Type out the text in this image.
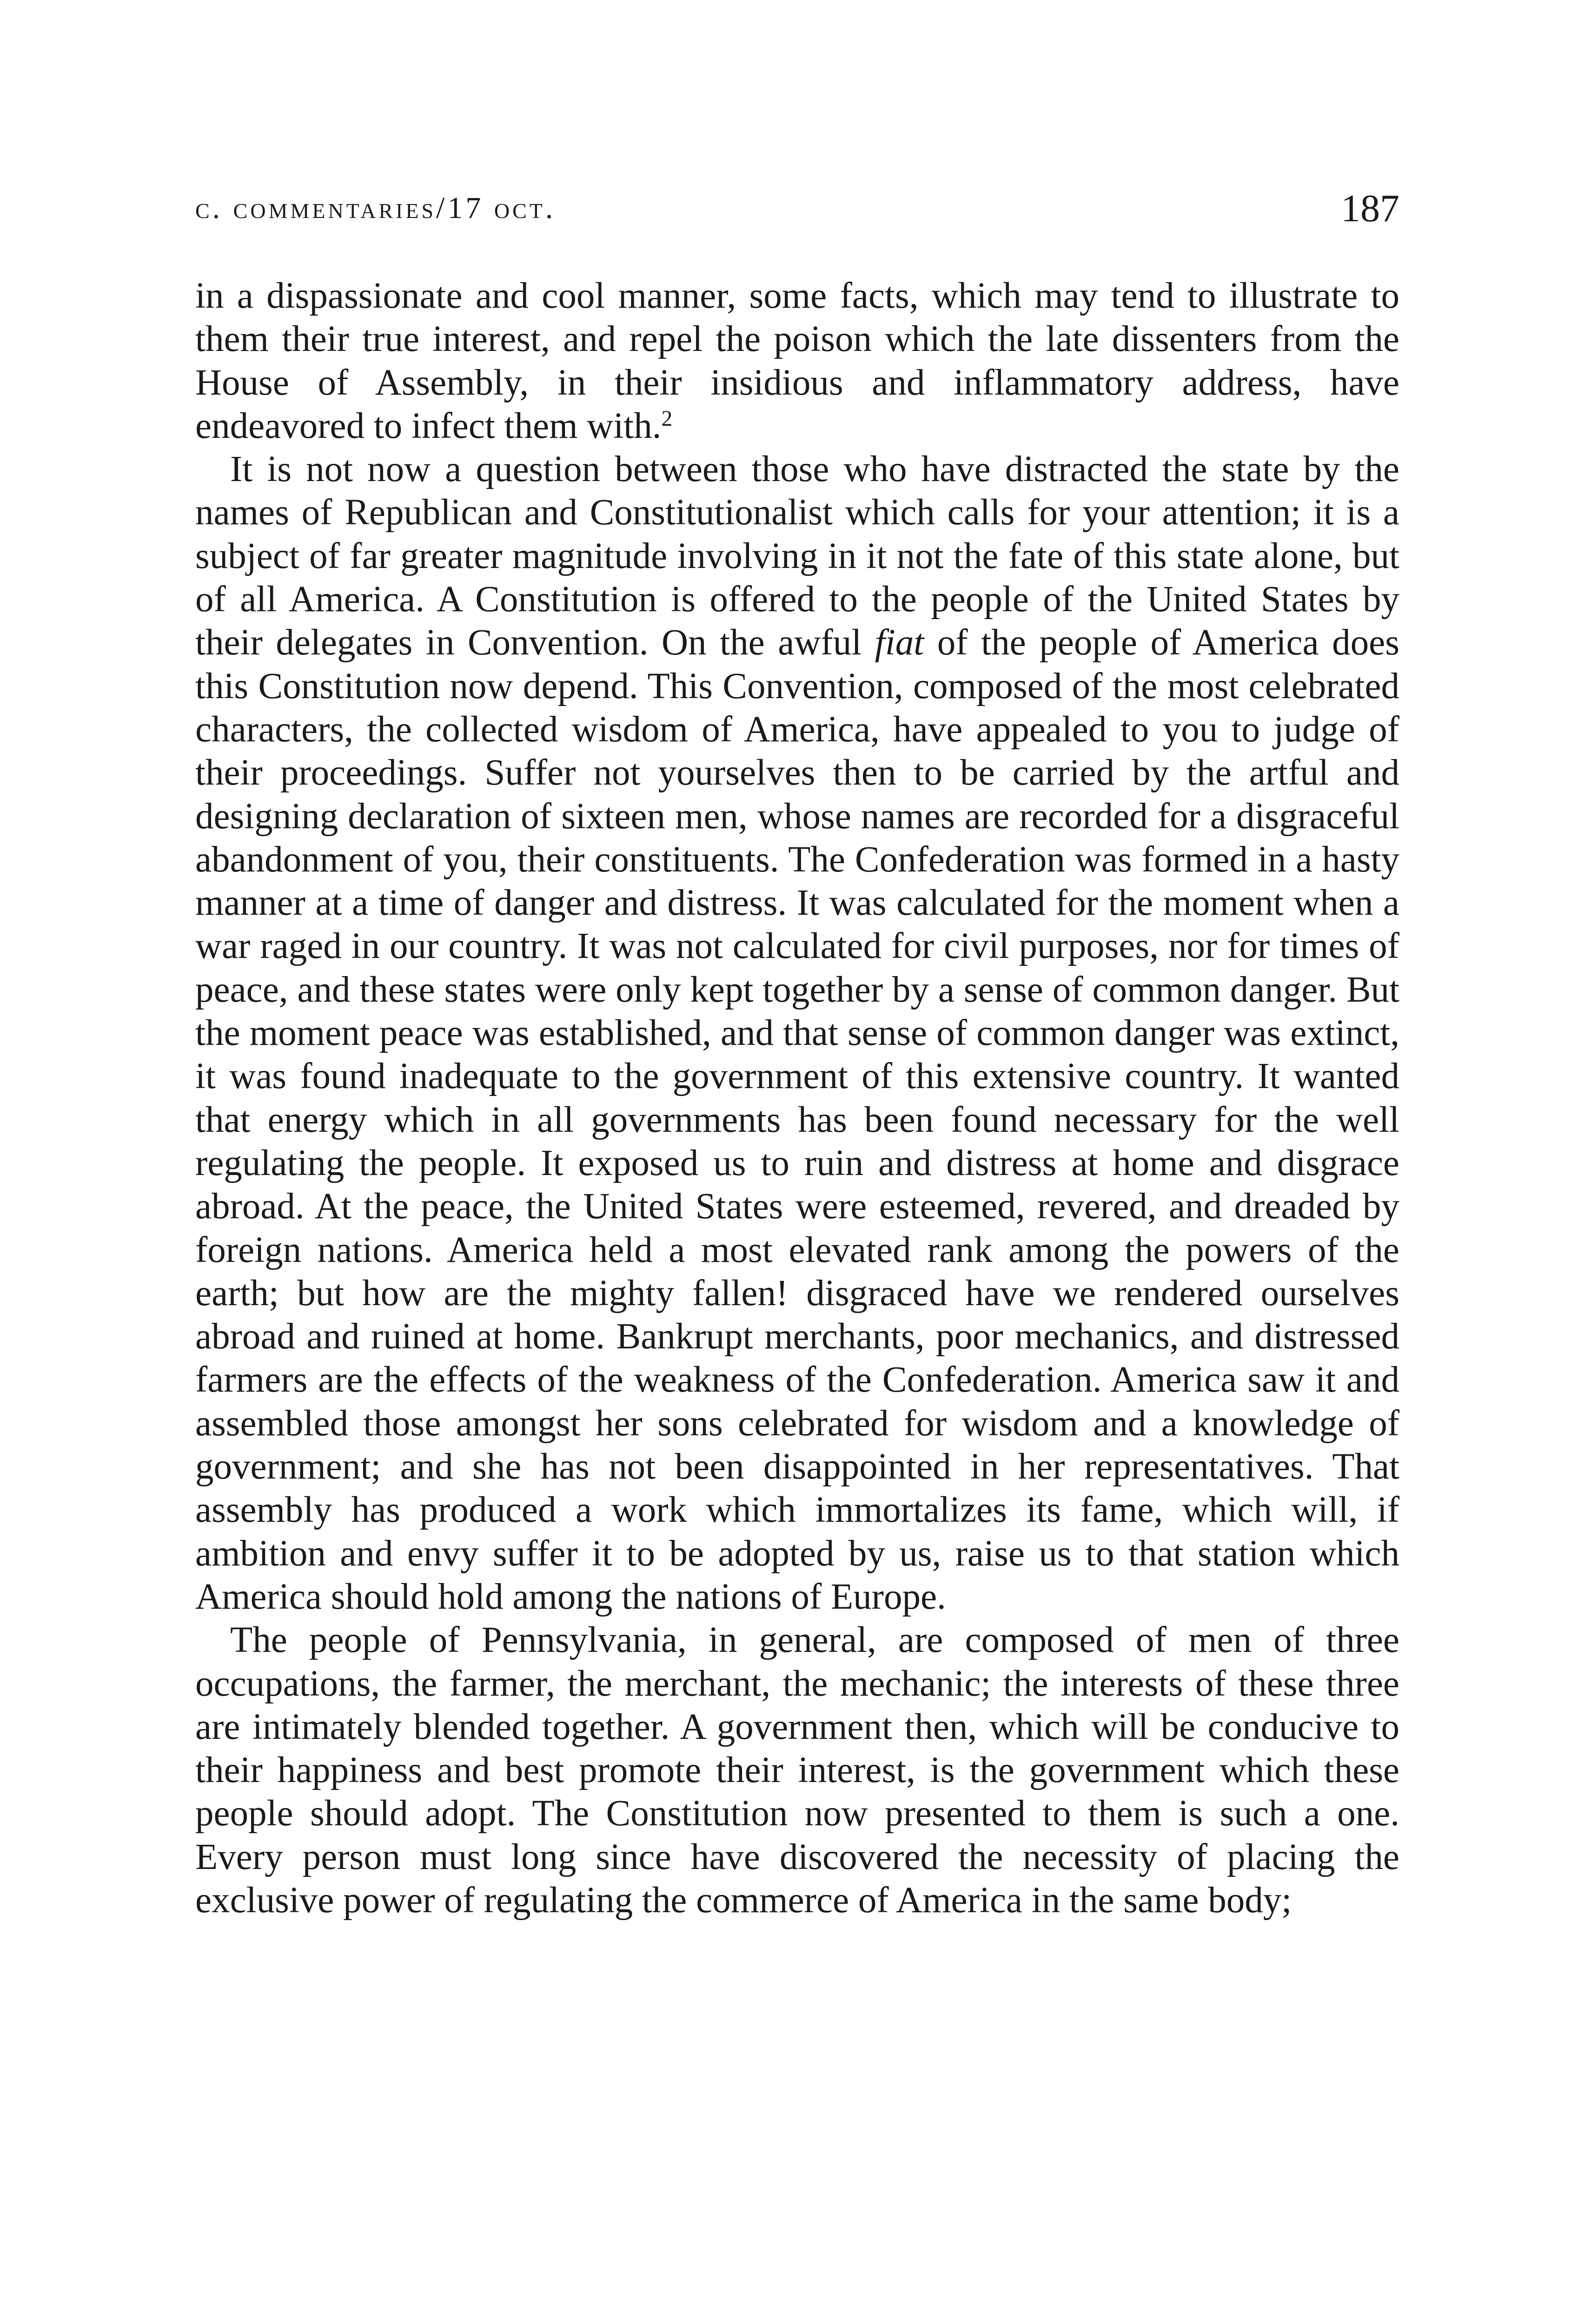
c. commentaries/17 oct.	187

in a dispassionate and cool manner, some facts, which may tend to illustrate to them their true interest, and repel the poison which the late dissenters from the House of Assembly, in their insidious and inflammatory address, have endeavored to infect them with.$^2$

It is not now a question between those who have distracted the state by the names of Republican and Constitutionalist which calls for your attention; it is a subject of far greater magnitude involving in it not the fate of this state alone, but of all America. A Constitution is offered to the people of the United States by their delegates in Convention. On the awful fiat of the people of America does this Constitution now depend. This Convention, composed of the most celebrated characters, the collected wisdom of America, have appealed to you to judge of their proceedings. Suffer not yourselves then to be carried by the artful and designing declaration of sixteen men, whose names are recorded for a disgraceful abandonment of you, their constituents. The Confederation was formed in a hasty manner at a time of danger and distress. It was calculated for the moment when a war raged in our country. It was not calculated for civil purposes, nor for times of peace, and these states were only kept together by a sense of common danger. But the moment peace was established, and that sense of common danger was extinct, it was found inadequate to the government of this extensive country. It wanted that energy which in all governments has been found necessary for the well regulating the people. It exposed us to ruin and distress at home and disgrace abroad. At the peace, the United States were esteemed, revered, and dreaded by foreign nations. America held a most elevated rank among the powers of the earth; but how are the mighty fallen! disgraced have we rendered ourselves abroad and ruined at home. Bankrupt merchants, poor mechanics, and distressed farmers are the effects of the weakness of the Confederation. America saw it and assembled those amongst her sons celebrated for wisdom and a knowledge of government; and she has not been disappointed in her representatives. That assembly has produced a work which immortalizes its fame, which will, if ambition and envy suffer it to be adopted by us, raise us to that station which America should hold among the nations of Europe.

The people of Pennsylvania, in general, are composed of men of three occupations, the farmer, the merchant, the mechanic; the interests of these three are intimately blended together. A government then, which will be conducive to their happiness and best promote their interest, is the government which these people should adopt. The Constitution now presented to them is such a one. Every person must long since have discovered the necessity of placing the exclusive power of regulating the commerce of America in the same body;
